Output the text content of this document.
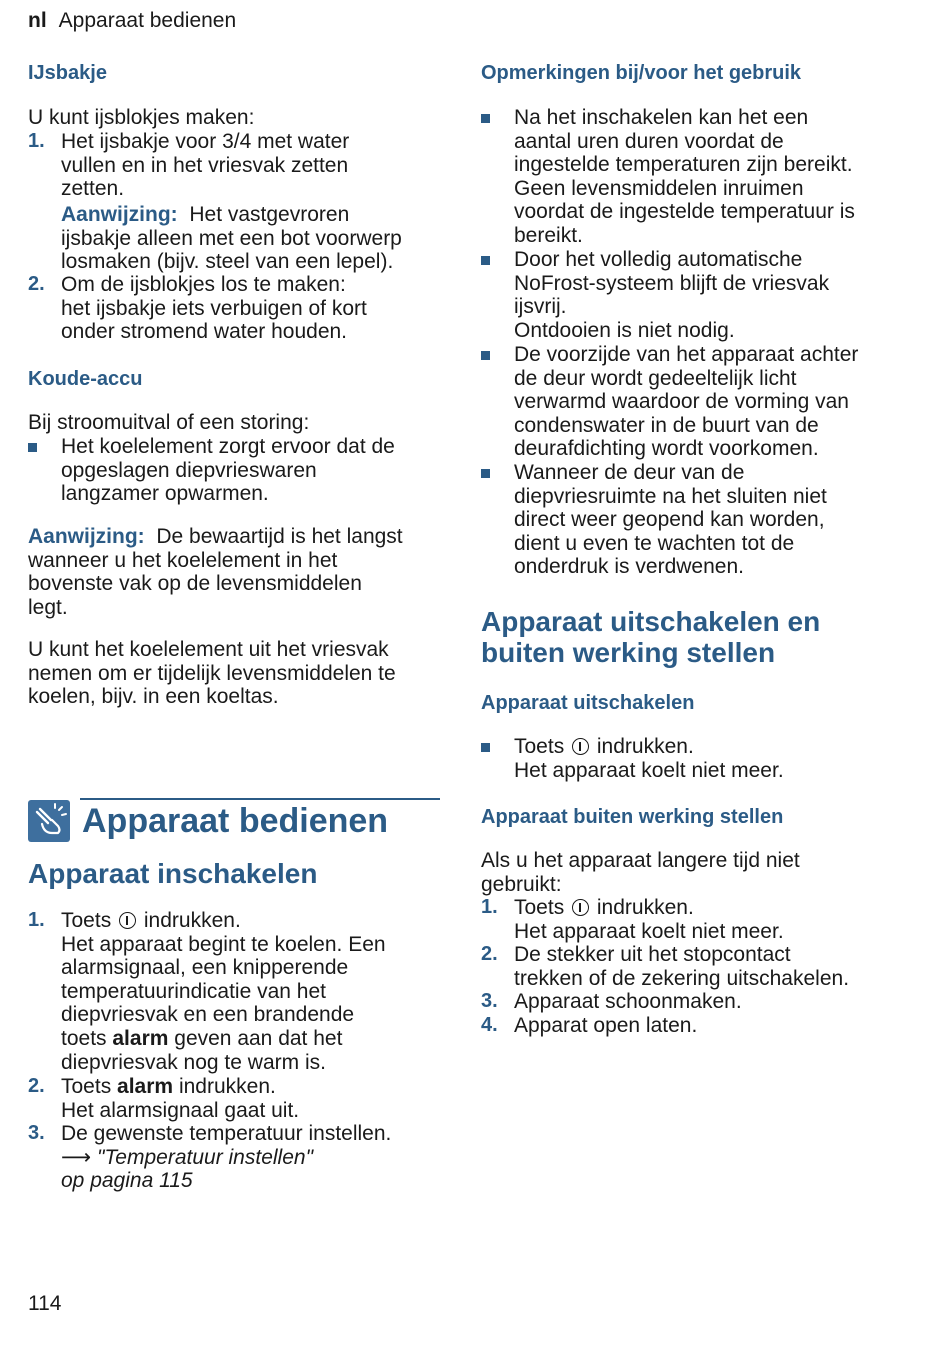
nl Apparaat bedienen
IJsbakje
U kunt ijsblokjes maken:
1. Het ijsbakje voor 3/4 met water
vullen en in het vriesvak zetten
zetten.
Aanwijzing: Het vastgevroren
ijsbakje alleen met een bot voorwerp
losmaken (bijv. steel van een lepel).
2. Om de ijsblokjes los te maken:
het ijsbakje iets verbuigen of kort
onder stromend water houden.
Koude-accu
Bij stroomuitval of een storing:
Het koelelement zorgt ervoor dat de
opgeslagen diepvrieswaren
langzamer opwarmen.
Aanwijzing: De bewaartijd is het langst
wanneer u het koelelement in het
bovenste vak op de levensmiddelen
legt.
U kunt het koelelement uit het vriesvak
nemen om er tijdelijk levensmiddelen te
koelen, bijv. in een koeltas.
Apparaat bedienen
Apparaat inschakelen
1. Toets indrukken.
Het apparaat begint te koelen. Een
alarmsignaal, een knipperende
temperatuurindicatie van het
diepvriesvak en een brandende
toets alarm geven aan dat het
diepvriesvak nog te warm is.
2. Toets alarm indrukken.
Het alarmsignaal gaat uit.
3. De gewenste temperatuur instellen.
⟶ "Temperatuur instellen"
op pagina 115
Opmerkingen bij/voor het gebruik
Na het inschakelen kan het een
aantal uren duren voordat de
ingestelde temperaturen zijn bereikt.
Geen levensmiddelen inruimen
voordat de ingestelde temperatuur is
bereikt.
Door het volledig automatische
NoFrost-systeem blijft de vriesvak
ijsvrij.
Ontdooien is niet nodig.
De voorzijde van het apparaat achter
de deur wordt gedeeltelijk licht
verwarmd waardoor de vorming van
condenswater in de buurt van de
deurafdichting wordt voorkomen.
Wanneer de deur van de
diepvriesruimte na het sluiten niet
direct weer geopend kan worden,
dient u even te wachten tot de
onderdruk is verdwenen.
Apparaat uitschakelen en
buiten werking stellen
Apparaat uitschakelen
Toets indrukken.
Het apparaat koelt niet meer.
Apparaat buiten werking stellen
Als u het apparaat langere tijd niet
gebruikt:
1. Toets indrukken.
Het apparaat koelt niet meer.
2. De stekker uit het stopcontact
trekken of de zekering uitschakelen.
3. Apparaat schoonmaken.
4. Apparat open laten.
114
